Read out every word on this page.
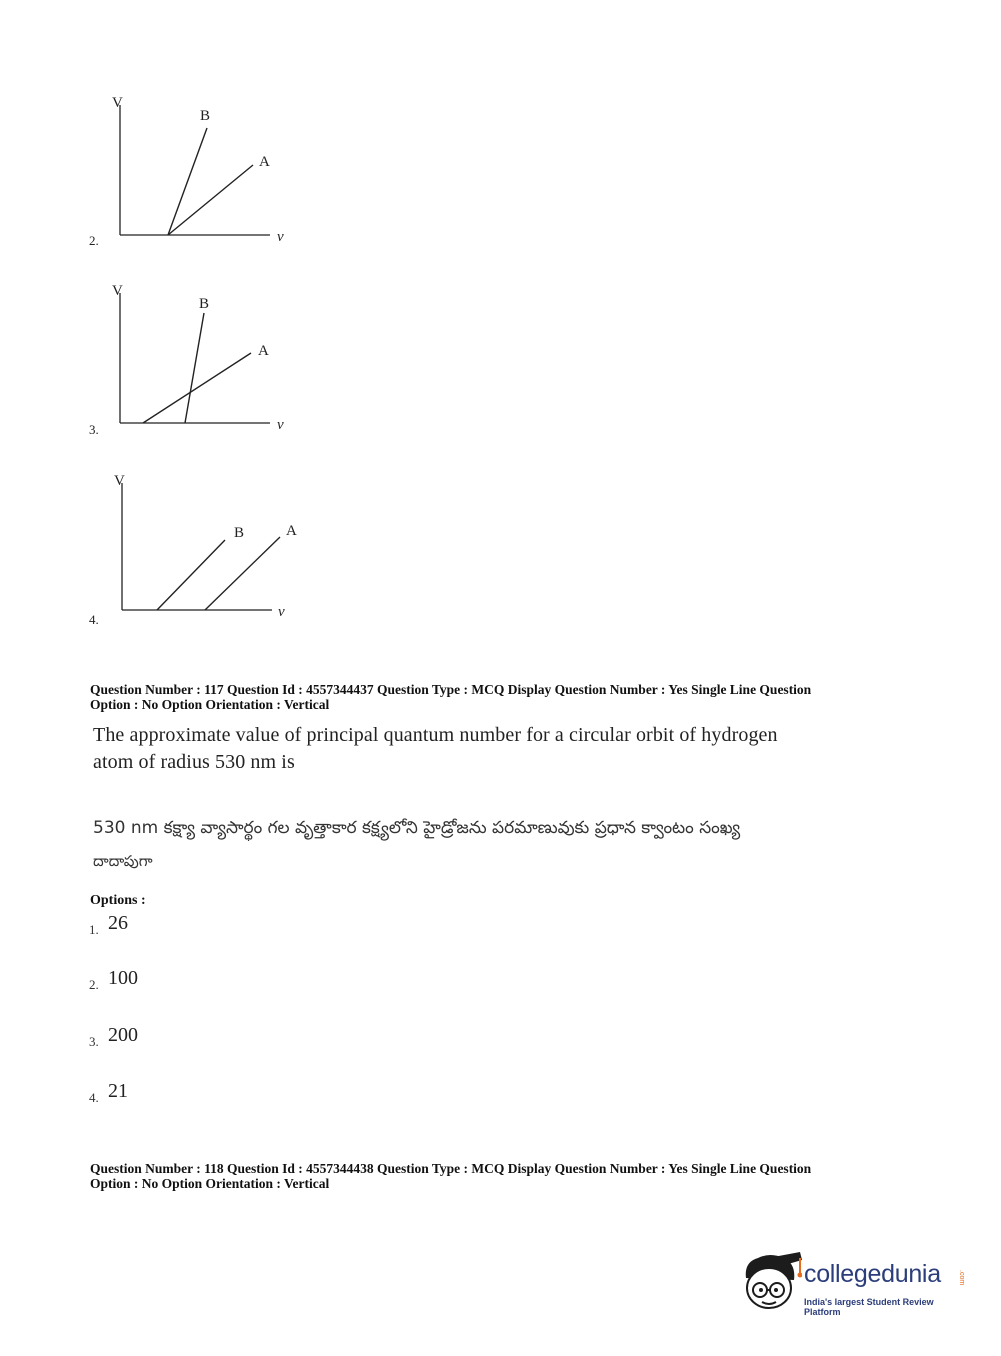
V
v
B
A
2.
V
v
B
A
3.
V
v
B	A
4.
Question Number : 117 Question Id : 4557344437 Question Type : MCQ Display Question Number : Yes Single Line Question
Option : No Option Orientation : Vertical
The approximate value of principal quantum number for a circular orbit of hydrogen
atom of radius 530 nm is
530 nm కక్ష్యా వ్యాసార్థం గల వృత్తాకార కక్ష్యలోని హైడ్రోజను పరమాణువుకు ప్రధాన క్వాంటం సంఖ్య
దాదాపుగా
Options :
1. 26
2. 100
3. 200
4. 21
Question Number : 118 Question Id : 4557344438 Question Type : MCQ Display Question Number : Yes Single Line Question
Option : No Option Orientation : Vertical
collegedunia .com
India's largest Student Review Platform
